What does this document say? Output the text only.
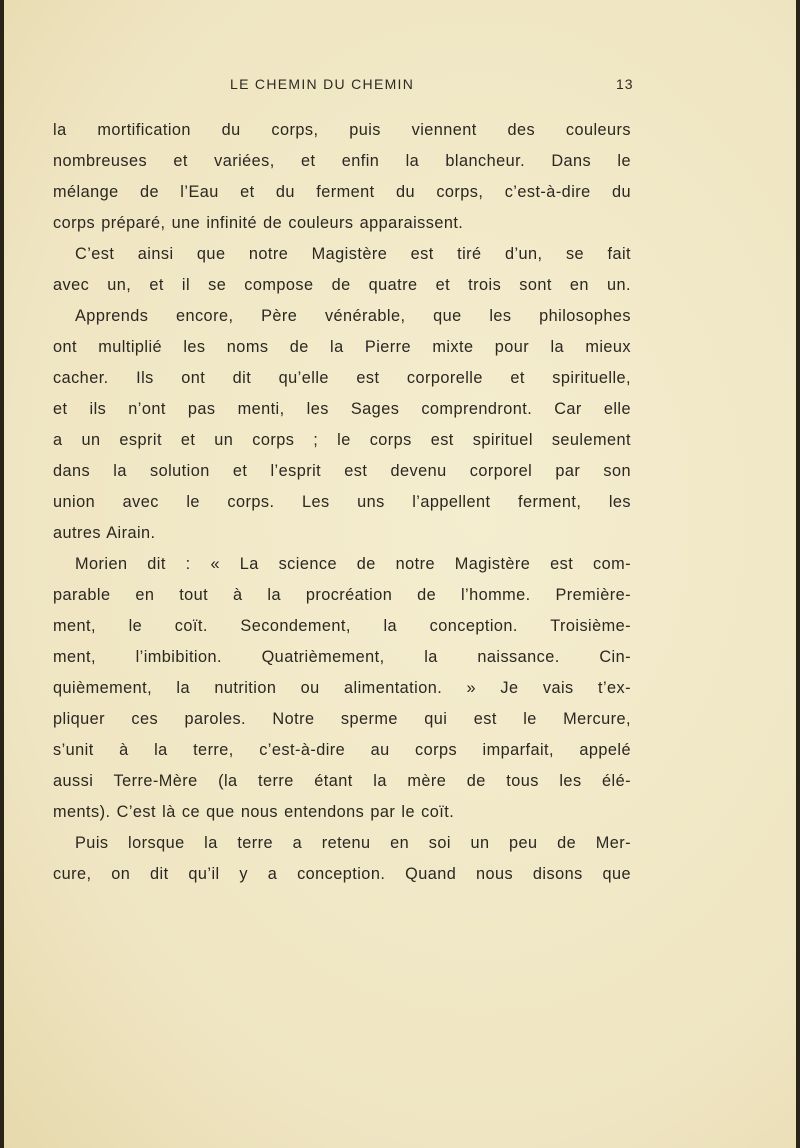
LE CHEMIN DU CHEMIN	13
la mortification du corps, puis viennent des couleurs
nombreuses et variées, et enfin la blancheur. Dans le
mélange de l’Eau et du ferment du corps, c’est-à-dire du
corps préparé, une infinité de couleurs apparaissent.
C’est ainsi que notre Magistère est tiré d’un, se fait
avec un, et il se compose de quatre et trois sont en un.
Apprends encore, Père vénérable, que les philosophes
ont multiplié les noms de la Pierre mixte pour la mieux
cacher. Ils ont dit qu’elle est corporelle et spirituelle,
et ils n’ont pas menti, les Sages comprendront. Car elle
a un esprit et un corps ; le corps est spirituel seulement
dans la solution et l’esprit est devenu corporel par son
union avec le corps. Les uns l’appellent ferment, les
autres Airain.
Morien dit : « La science de notre Magistère est com-
parable en tout à la procréation de l’homme. Première-
ment, le coït. Secondement, la conception. Troisième-
ment, l’imbibition. Quatrièmement, la naissance. Cin-
quièmement, la nutrition ou alimentation. » Je vais t’ex-
pliquer ces paroles. Notre sperme qui est le Mercure,
s’unit à la terre, c’est-à-dire au corps imparfait, appelé
aussi Terre-Mère (la terre étant la mère de tous les élé-
ments). C’est là ce que nous entendons par le coït.
Puis lorsque la terre a retenu en soi un peu de Mer-
cure, on dit qu’il y a conception. Quand nous disons que
